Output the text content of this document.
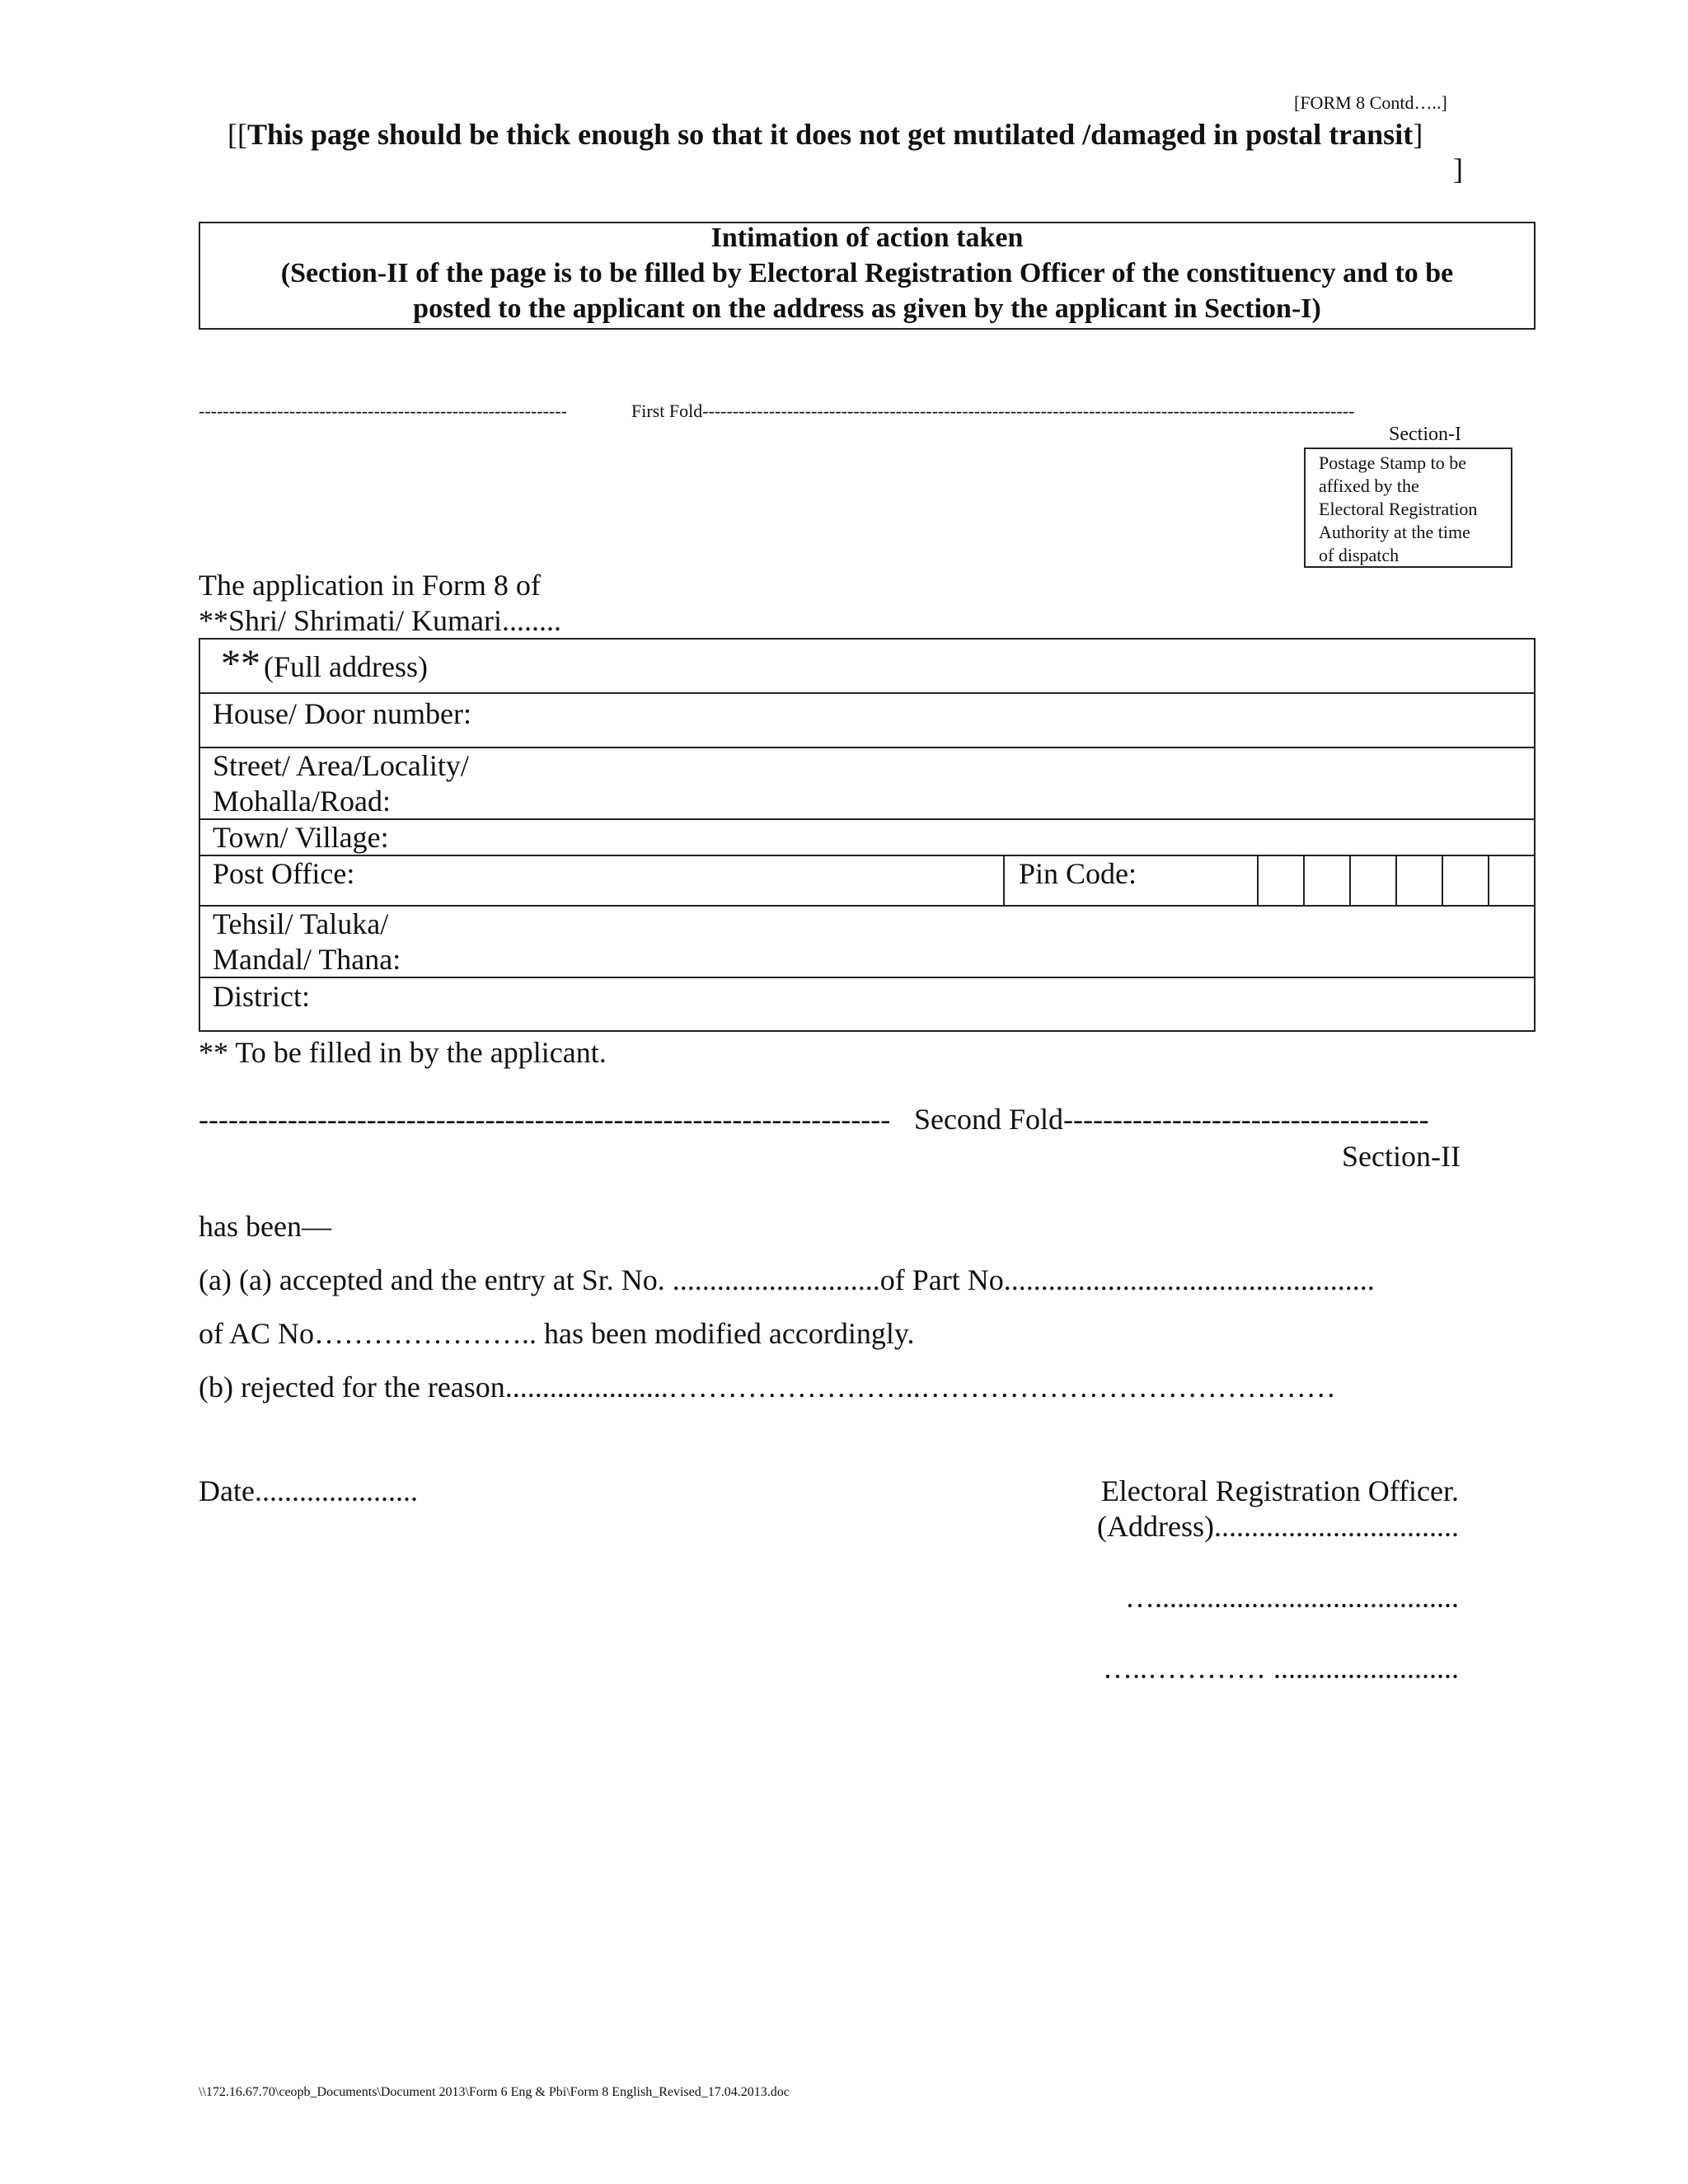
[FORM 8 Contd…..]
[[This page should be thick enough so that it does not get mutilated /damaged in postal transit]
]
Intimation of action taken
(Section-II of the page is to be filled by Electoral Registration Officer of the constituency and to be
posted to the applicant on the address as given by the applicant in Section-I)
-------------------------------------------------------------	First Fold ------------------------------------------------------------------------------------------------------------
Section-I
Postage Stamp to be
affixed by the
Electoral Registration
Authority at the time
of dispatch
The application in Form 8 of
**Shri/ Shrimati/ Kumari........
** (Full address)
House/ Door number:
Street/ Area/Locality/
Mohalla/Road:
Town/ Village:
Post Office:	Pin Code:
Tehsil/ Taluka/
Mandal/ Thana:
District:
** To be filled in by the applicant.
---------------------------------------------------------------------- Second Fold -------------------------------------
Section-II
has been—
(a) (a) accepted and the entry at Sr. No. ............................of Part No..................................................
of AC No………………….. has been modified accordingly.
(b) rejected for the reason......................……………………..……………………………………
Date......................	Electoral Registration Officer.
(Address).................................
….........................................
…..………… .........................
\\172.16.67.70\ceopb_Documents\Document 2013\Form 6 Eng & Pbi\Form 8 English_Revised_17.04.2013.doc
